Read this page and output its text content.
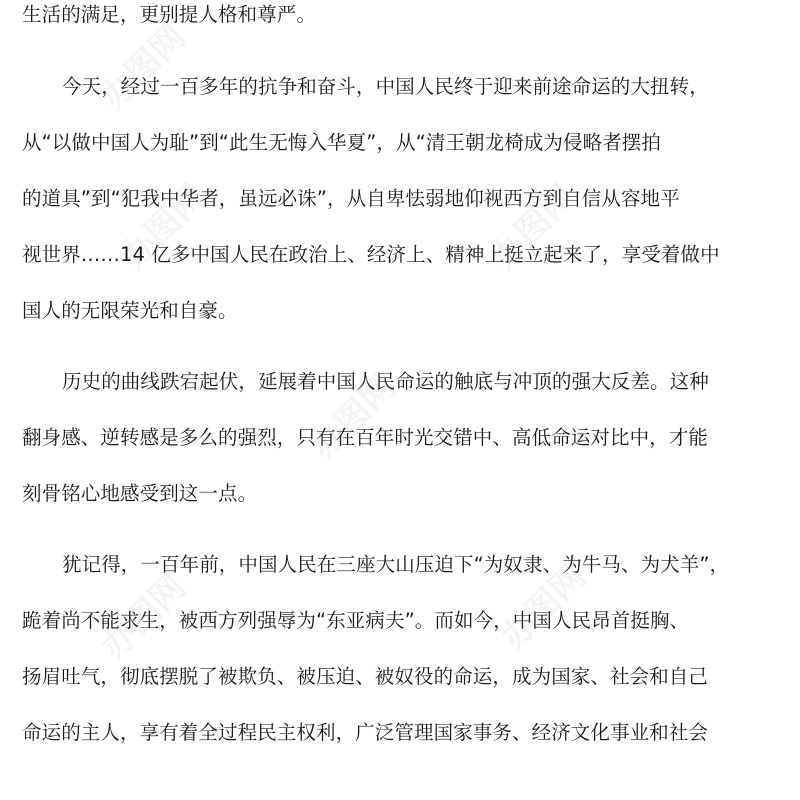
生活的满足，更别提人格和尊严。
今天，经过一百多年的抗争和奋斗，中国人民终于迎来前途命运的大扭转，
从“以做中国人为耻”到“此生无悔入华夏”，从“清王朝龙椅成为侵略者摆拍
的道具”到“犯我中华者，虽远必诛”，从自卑怯弱地仰视西方到自信从容地平
视世界……14 亿多中国人民在政治上、经济上、精神上挺立起来了，享受着做中
国人的无限荣光和自豪。
历史的曲线跌宕起伏，延展着中国人民命运的触底与冲顶的强大反差。这种
翻身感、逆转感是多么的强烈，只有在百年时光交错中、高低命运对比中，才能
刻骨铭心地感受到这一点。
犹记得，一百年前，中国人民在三座大山压迫下“为奴隶、为牛马、为犬羊”，
跪着尚不能求生，被西方列强辱为“东亚病夫”。而如今，中国人民昂首挺胸、
扬眉吐气，彻底摆脱了被欺负、被压迫、被奴役的命运，成为国家、社会和自己
命运的主人，享有着全过程民主权利，广泛管理国家事务、经济文化事业和社会
办图网
办图网
办图网
办图网
办图网	办图网
